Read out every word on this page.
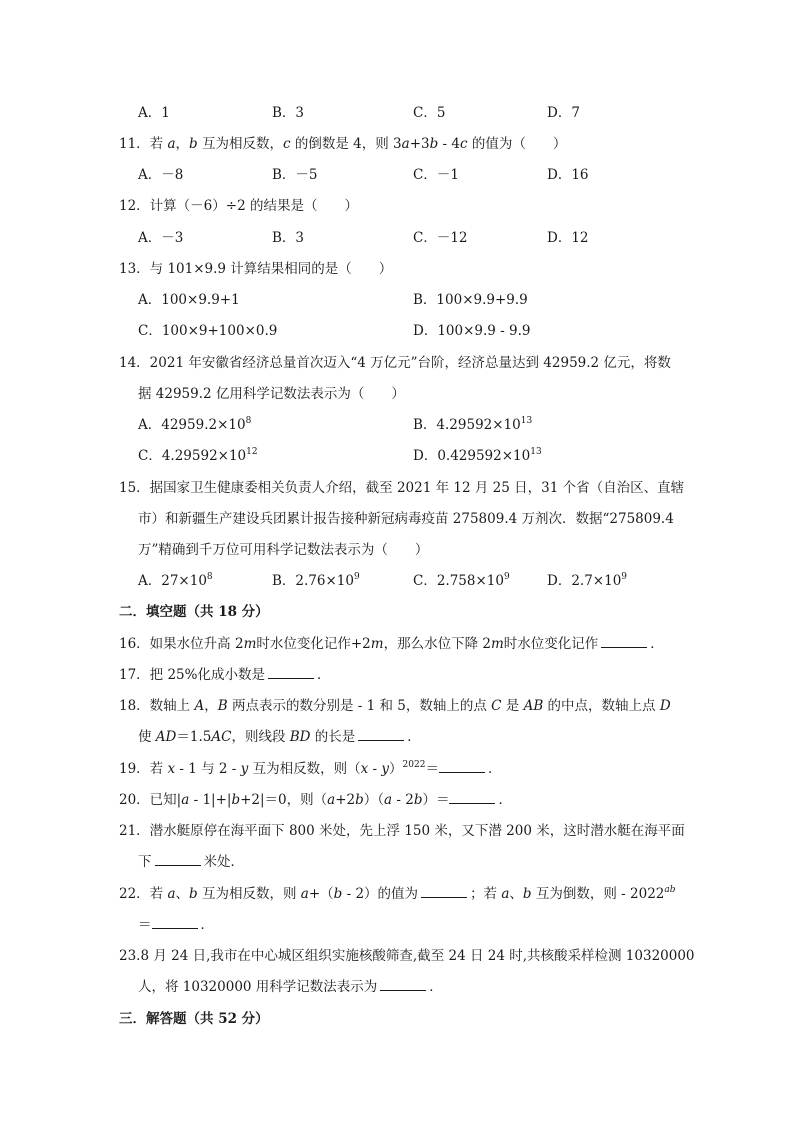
A．1	B．3	C．5	D．7
11．若 a，b 互为相反数，c 的倒数是 4，则 3a+3b - 4c 的值为（　　）
A．－8	B．－5	C．－1	D．16
12．计算（－6）÷2 的结果是（　　）
A．－3	B．3	C．－12	D．12
13．与 101×9.9 计算结果相同的是（　　）
A．100×9.9+1	B．100×9.9+9.9
C．100×9+100×0.9	D．100×9.9 - 9.9
14．2021 年安徽省经济总量首次迈入“4 万亿元”台阶，经济总量达到 42959.2 亿元，将数
据 42959.2 亿用科学记数法表示为（　　）
A．$42959.2\times 10^8$	B．$4.29592\times 10^{13}$
C．$4.29592\times 10^{12}$	D．$0.429592\times 10^{13}$
15．据国家卫生健康委相关负责人介绍，截至 2021 年 12 月 25 日，31 个省（自治区、直辖
市）和新疆生产建设兵团累计报告接种新冠病毒疫苗 275809.4 万剂次．数据“275809.4
万”精确到千万位可用科学记数法表示为（　　）
A．$27\times 10^8$	B．$2.76\times 10^9$	C．$2.758\times 10^9$	D．$2.7\times 10^9$
二．填空题（共 18 分）
16．如果水位升高 2m时水位变化记作+2m，那么水位下降 2m时水位变化记作	．
17．把 25%化成小数是	．
18．数轴上 A，B 两点表示的数分别是 - 1 和 5，数轴上的点 C 是 AB 的中点，数轴上点 D
使 AD＝1.5AC，则线段 BD 的长是	．
19．若 x - 1 与 2 - y 互为相反数，则（x - y）$^{2022}$＝	．
20．已知|a - 1|+|b+2|＝0，则（a+2b）（a - 2b）＝	．
21．潜水艇原停在海平面下 800 米处，先上浮 150 米，又下潜 200 米，这时潜水艇在海平面
下	米处．
22．若 a、b 互为相反数，则 a+（b - 2）的值为	；若 a、b 互为倒数，则 - $2022^{ab}$
＝	．
23.8 月 24 日,我市在中心城区组织实施核酸筛查,截至 24 日 24 时,共核酸采样检测 10320000
人，将 10320000 用科学记数法表示为	．
三．解答题（共 52 分）
